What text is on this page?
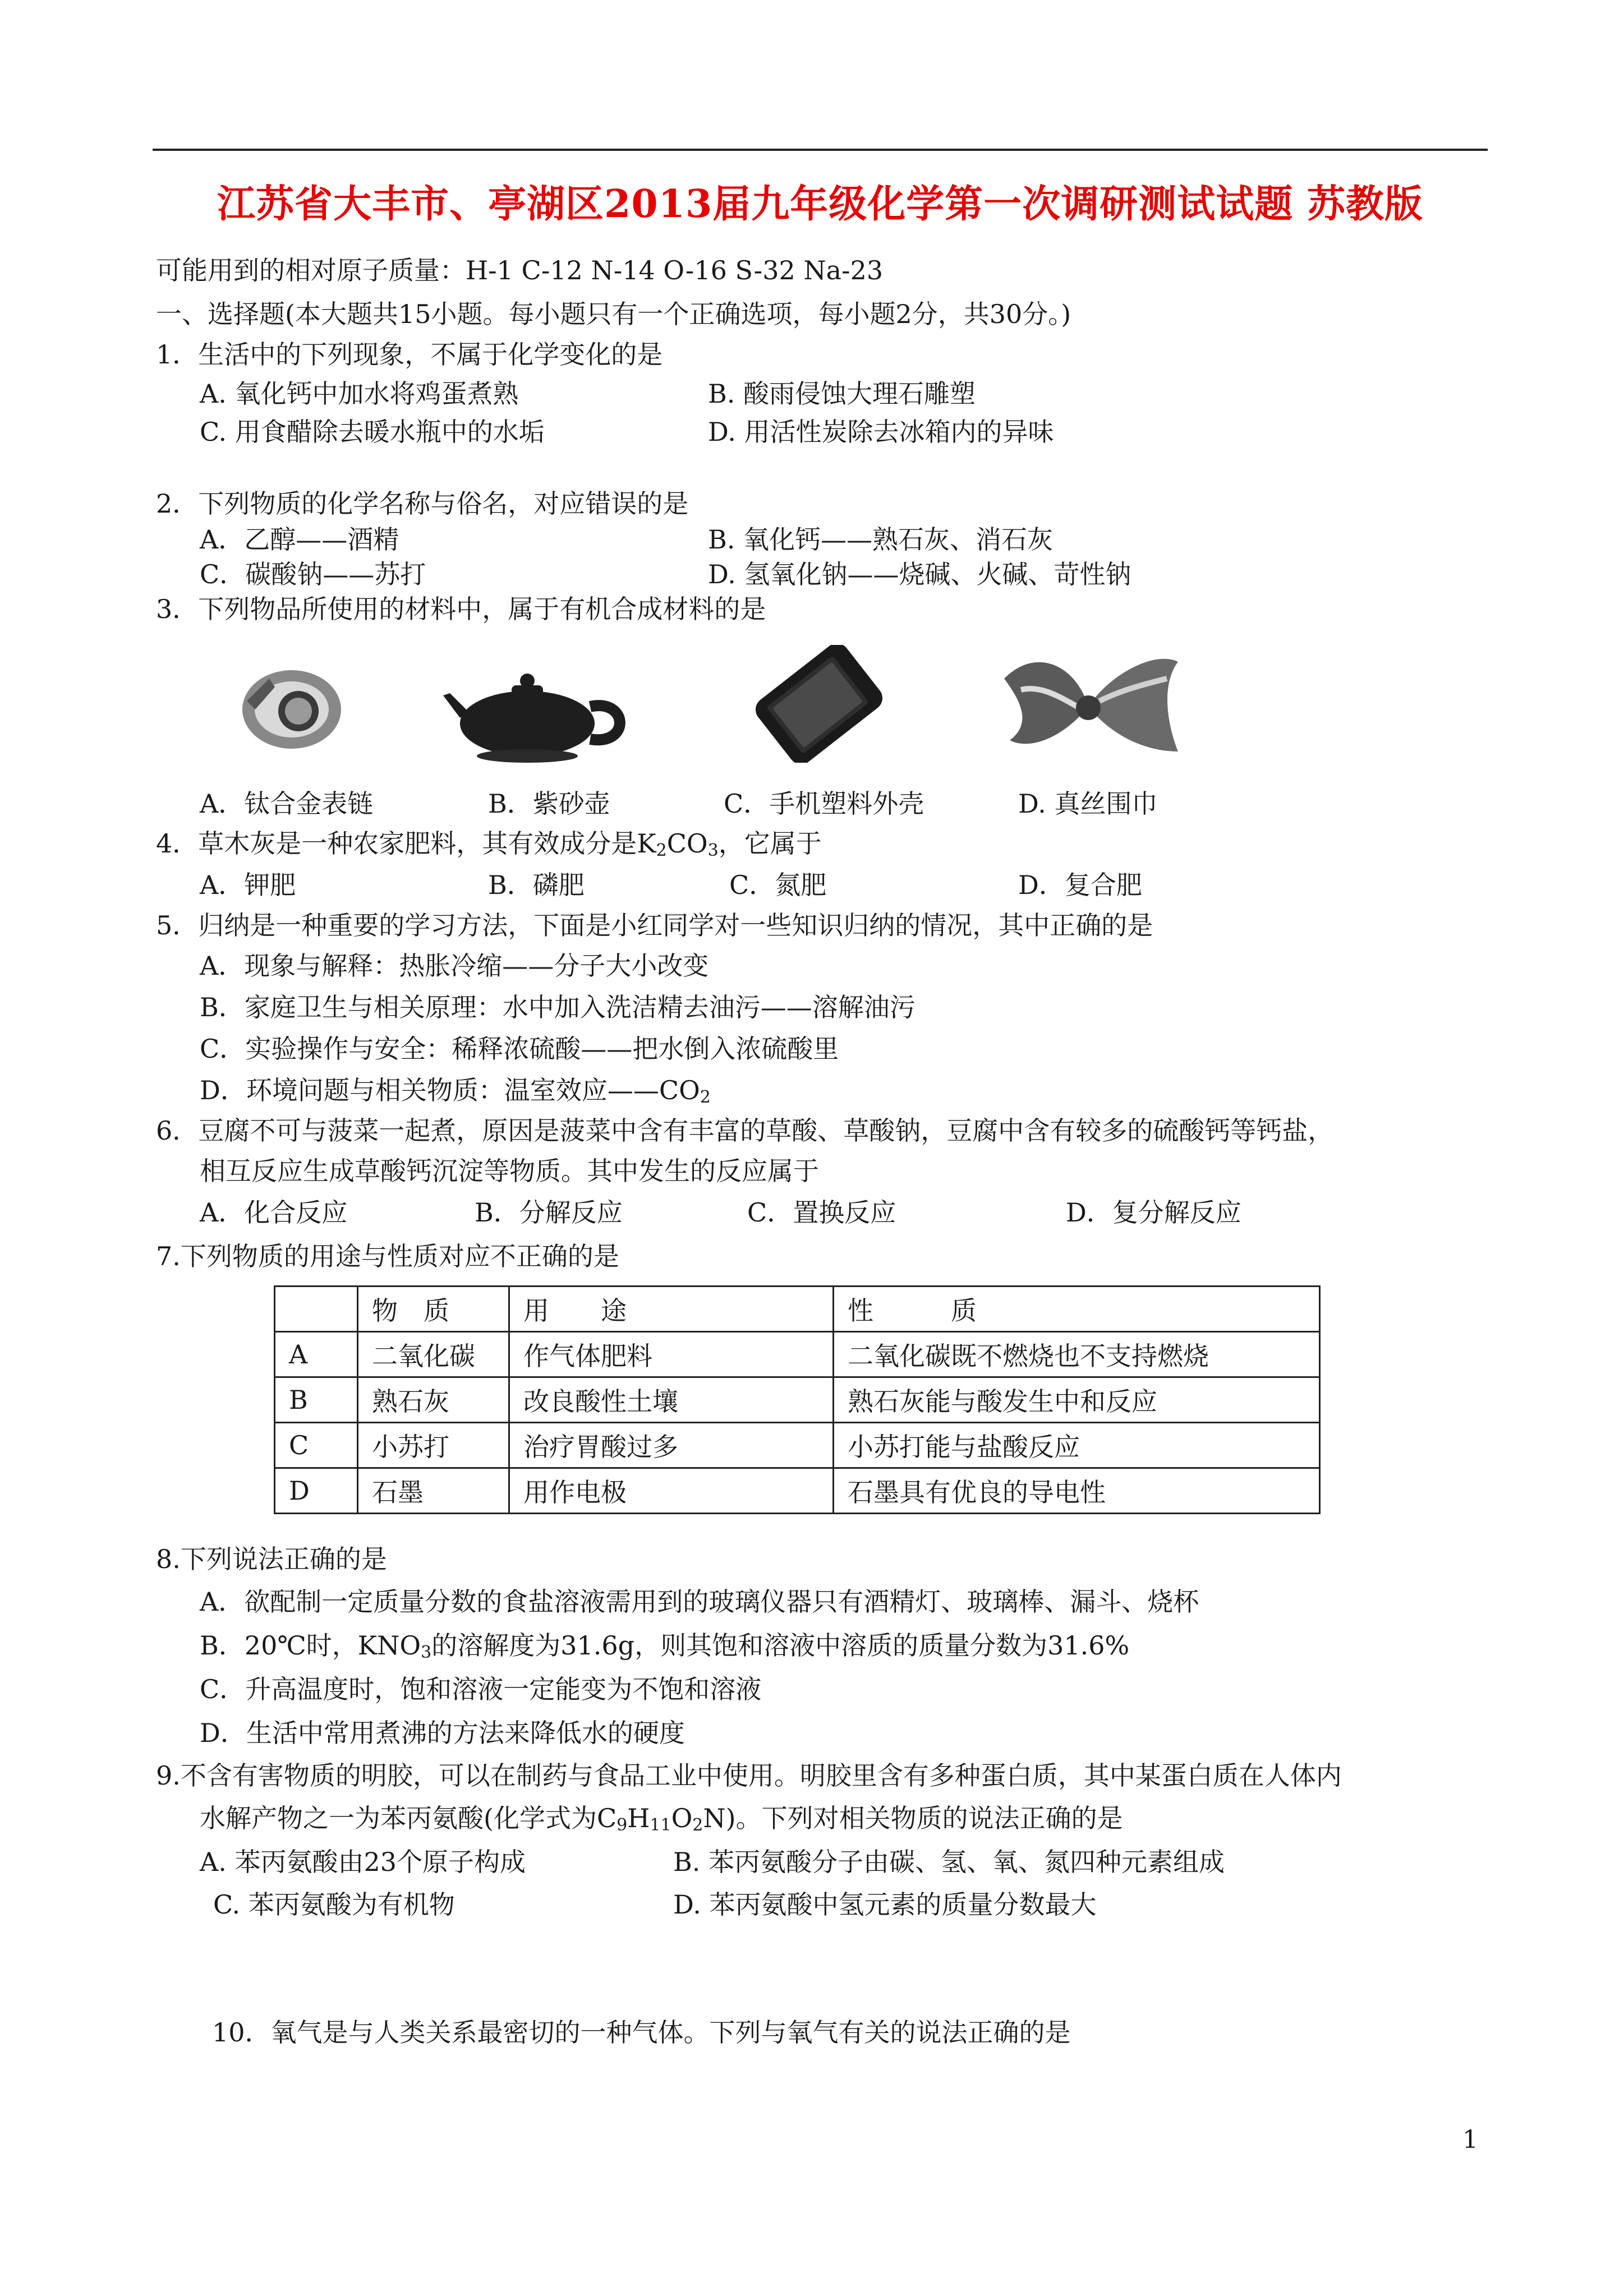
江苏省大丰市、亭湖区2013届九年级化学第一次调研测试试题 苏教版
可能用到的相对原子质量：H-1 C-12 N-14 O-16 S-32 Na-23
一、选择题(本大题共15小题。每小题只有一个正确选项，每小题2分，共30分。)
1．生活中的下列现象，不属于化学变化的是
A. 氧化钙中加水将鸡蛋煮熟	B. 酸雨侵蚀大理石雕塑
C. 用食醋除去暖水瓶中的水垢	D. 用活性炭除去冰箱内的异味
2．下列物质的化学名称与俗名，对应错误的是
A．乙醇——酒精	B. 氧化钙——熟石灰、消石灰
C．碳酸钠——苏打	D. 氢氧化钠——烧碱、火碱、苛性钠
3．下列物品所使用的材料中，属于有机合成材料的是
A．钛合金表链	B．紫砂壶	C．手机塑料外壳	D. 真丝围巾
4．草木灰是一种农家肥料，其有效成分是$K_2CO_3$，它属于
A．钾肥	B．磷肥	C．氮肥	D．复合肥
5．归纳是一种重要的学习方法，下面是小红同学对一些知识归纳的情况，其中正确的是
A．现象与解释：热胀冷缩——分子大小改变
B．家庭卫生与相关原理：水中加入洗洁精去油污——溶解油污
C．实验操作与安全：稀释浓硫酸——把水倒入浓硫酸里
D．环境问题与相关物质：温室效应$——CO_2$
6．豆腐不可与菠菜一起煮，原因是菠菜中含有丰富的草酸、草酸钠，豆腐中含有较多的硫酸钙等钙盐，
相互反应生成草酸钙沉淀等物质。其中发生的反应属于
A．化合反应	B．分解反应	C．置换反应	D．复分解反应
7.下列物质的用途与性质对应不正确的是
	物　质	用　　途	性　　　质
A	二氧化碳	作气体肥料	二氧化碳既不燃烧也不支持燃烧
B	熟石灰	改良酸性土壤	熟石灰能与酸发生中和反应
C	小苏打	治疗胃酸过多	小苏打能与盐酸反应
D	石墨	用作电极	石墨具有优良的导电性
8.下列说法正确的是
A．欲配制一定质量分数的食盐溶液需用到的玻璃仪器只有酒精灯、玻璃棒、漏斗、烧杯
B．20℃时，$KNO_3$的溶解度为31.6g，则其饱和溶液中溶质的质量分数为31.6%
C．升高温度时，饱和溶液一定能变为不饱和溶液
D．生活中常用煮沸的方法来降低水的硬度
9.不含有害物质的明胶，可以在制药与食品工业中使用。明胶里含有多种蛋白质，其中某蛋白质在人体内
水解产物之一为苯丙氨酸(化学式为$C_9H_{11}O_2N$)。下列对相关物质的说法正确的是
A. 苯丙氨酸由23个原子构成	B. 苯丙氨酸分子由碳、氢、氧、氮四种元素组成
C. 苯丙氨酸为有机物	D. 苯丙氨酸中氢元素的质量分数最大
10．氧气是与人类关系最密切的一种气体。下列与氧气有关的说法正确的是
1
